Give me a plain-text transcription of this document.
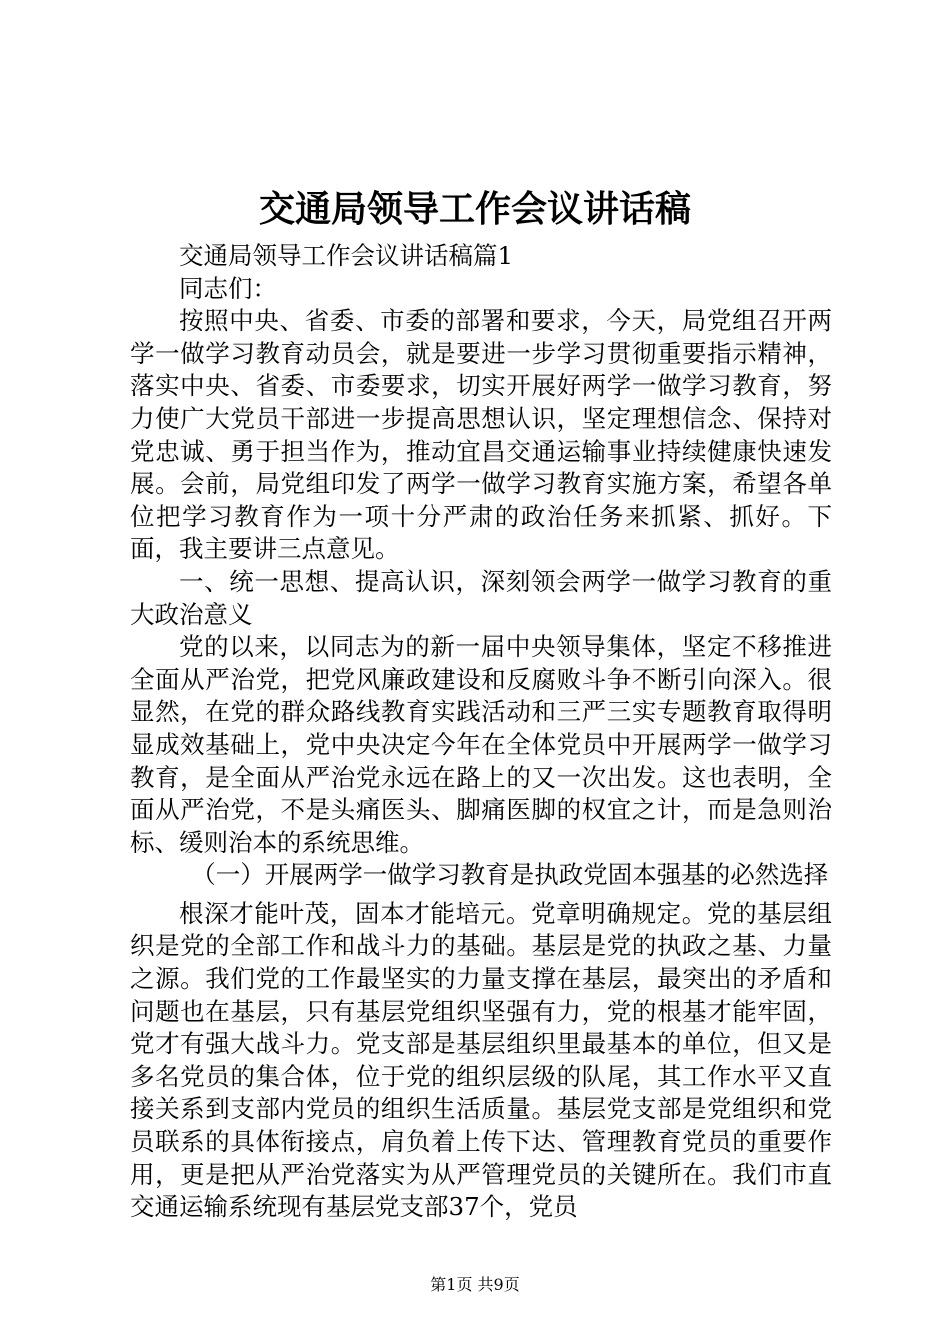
交通局领导工作会议讲话稿

交通局领导工作会议讲话稿篇1

同志们：

按照中央、省委、市委的部署和要求，今天，局党组召开两学一做学习教育动员会，就是要进一步学习贯彻重要指示精神，落实中央、省委、市委要求，切实开展好两学一做学习教育，努力使广大党员干部进一步提高思想认识，坚定理想信念、保持对党忠诚、勇于担当作为，推动宜昌交通运输事业持续健康快速发展。会前，局党组印发了两学一做学习教育实施方案，希望各单位把学习教育作为一项十分严肃的政治任务来抓紧、抓好。下面，我主要讲三点意见。

一、统一思想、提高认识，深刻领会两学一做学习教育的重大政治意义

党的以来，以同志为的新一届中央领导集体，坚定不移推进全面从严治党，把党风廉政建设和反腐败斗争不断引向深入。很显然，在党的群众路线教育实践活动和三严三实专题教育取得明显成效基础上，党中央决定今年在全体党员中开展两学一做学习教育，是全面从严治党永远在路上的又一次出发。这也表明，全面从严治党，不是头痛医头、脚痛医脚的权宜之计，而是急则治标、缓则治本的系统思维。

（一）开展两学一做学习教育是执政党固本强基的必然选择

根深才能叶茂，固本才能培元。党章明确规定。党的基层组织是党的全部工作和战斗力的基础。基层是党的执政之基、力量之源。我们党的工作最坚实的力量支撑在基层，最突出的矛盾和问题也在基层，只有基层党组织坚强有力，党的根基才能牢固，党才有强大战斗力。党支部是基层组织里最基本的单位，但又是多名党员的集合体，位于党的组织层级的队尾，其工作水平又直接关系到支部内党员的组织生活质量。基层党支部是党组织和党员联系的具体衔接点，肩负着上传下达、管理教育党员的重要作用，更是把从严治党落实为从严管理党员的关键所在。我们市直交通运输系统现有基层党支部37个，党员

第1页 共9页
